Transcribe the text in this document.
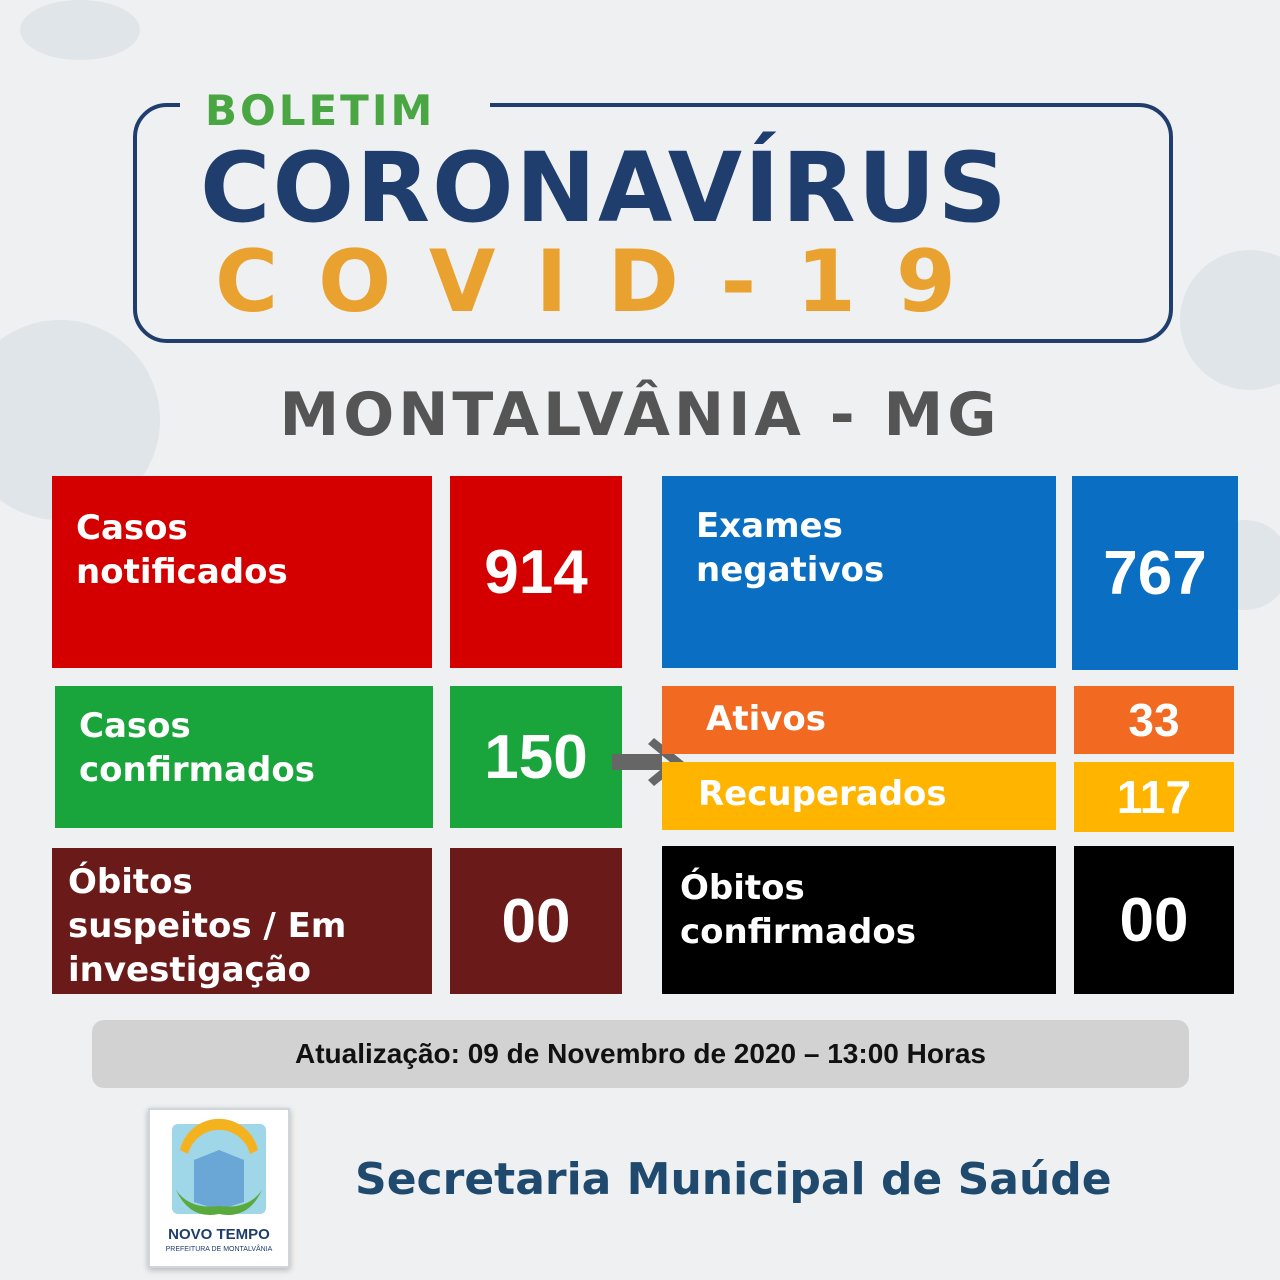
BOLETIM
CORONAVÍRUS
COVID-19
MONTALVÂNIA - MG
Casos notificados	914
Exames negativos	767
Casos confirmados	150
Ativos	33
Recuperados	117
Óbitos suspeitos / Em investigação
00	Óbitos confirmados	00
Atualização: 09 de Novembro de 2020 – 13:00 Horas
NOVO TEMPO
PREFEITURA DE MONTALVÂNIA
Secretaria Municipal de Saúde
